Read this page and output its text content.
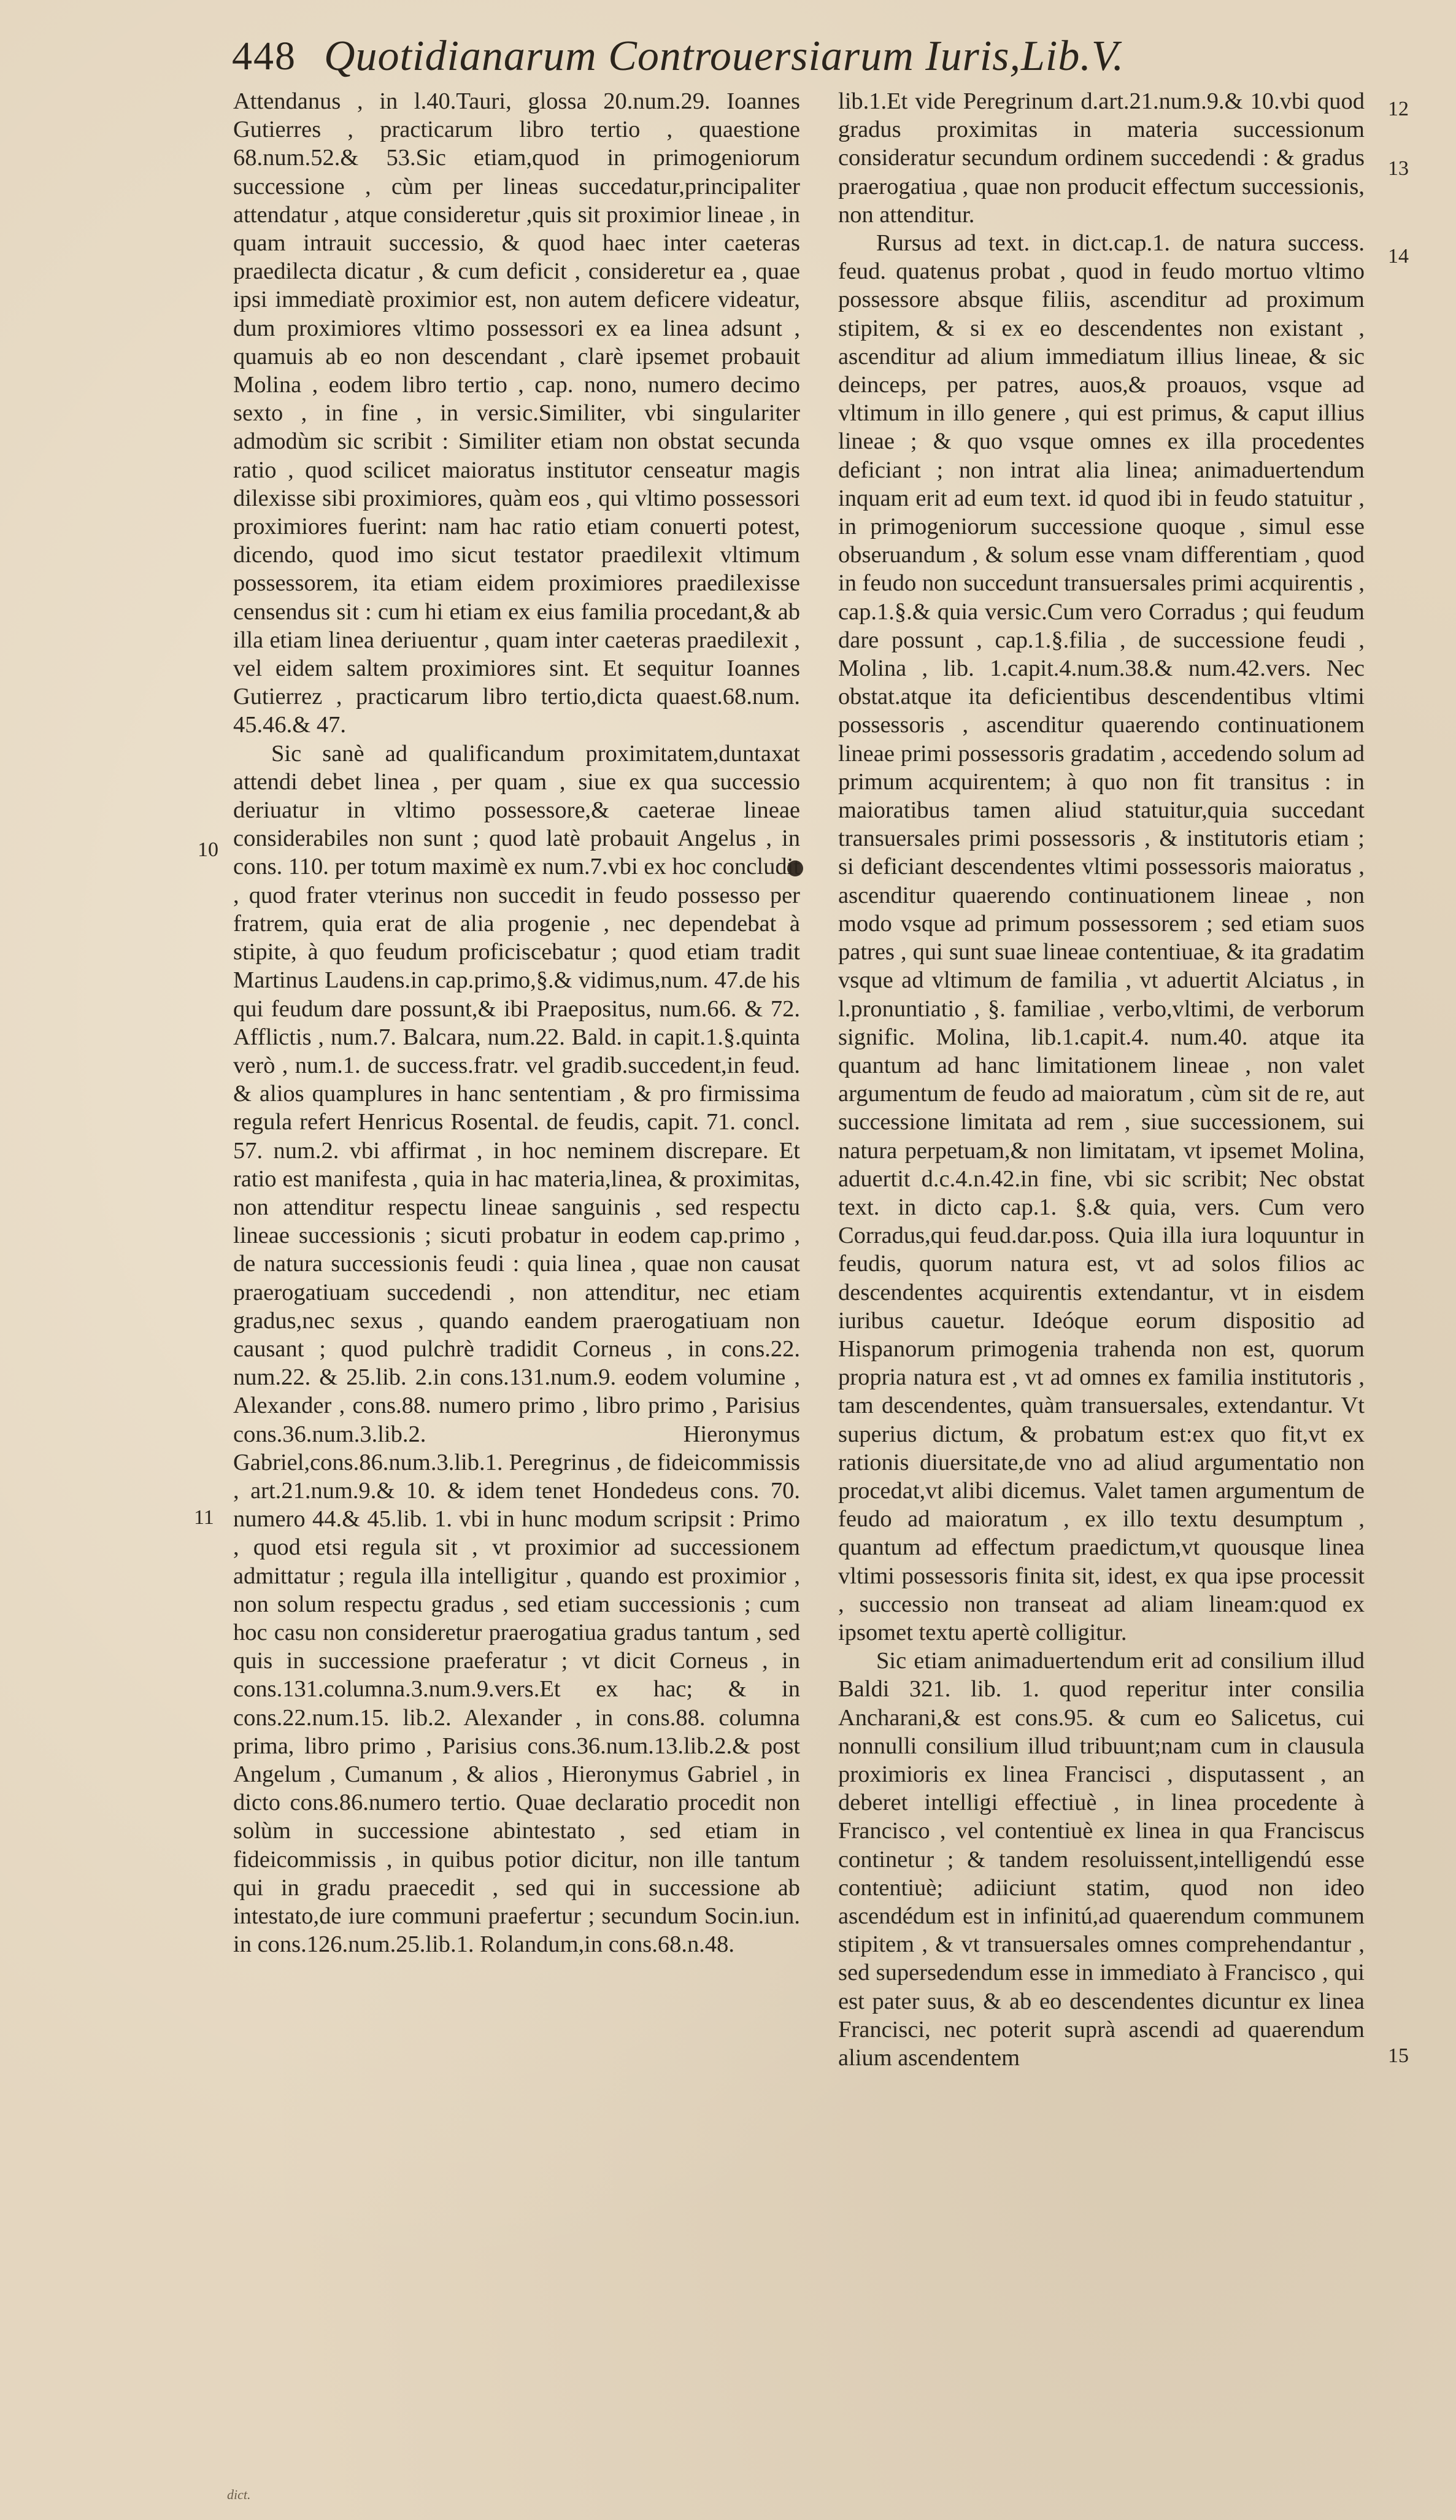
448 Quotidianarum Controuersiarum Iuris,Lib.V.
12
13
14
10
11
15

Attendanus , in l.40.Tauri, glossa 20.num.29. Ioannes Gutierres , practicarum libro tertio , quaestione 68.num.52.& 53.Sic etiam,quod in primogeniorum successione , cùm per lineas succedatur,principaliter attendatur , atque consideretur ,quis sit proximior lineae , in quam intrauit successio, & quod haec inter caeteras praedilecta dicatur , & cum deficit , consideretur ea , quae ipsi immediatè proximior est, non autem deficere videatur, dum proximiores vltimo possessori ex ea linea adsunt , quamuis ab eo non descendant , clarè ipsemet probauit Molina , eodem libro tertio , cap. nono, numero decimo sexto , in fine , in versic.Similiter, vbi singulariter admodùm sic scribit : Similiter etiam non obstat secunda ratio , quod scilicet maioratus institutor censeatur magis dilexisse sibi proximiores, quàm eos , qui vltimo possessori proximiores fuerint: nam hac ratio etiam conuerti potest, dicendo, quod imo sicut testator praedilexit vltimum possessorem, ita etiam eidem proximiores praedilexisse censendus sit : cum hi etiam ex eius familia procedant,& ab illa etiam linea deriuentur , quam inter caeteras praedilexit , vel eidem saltem proximiores sint. Et sequitur Ioannes Gutierrez , practicarum libro tertio,dicta quaest.68.num. 45.46.& 47.

Sic sanè ad qualificandum proximitatem,duntaxat attendi debet linea , per quam , siue ex qua successio deriuatur in vltimo possessore,& caeterae lineae considerabiles non sunt ; quod latè probauit Angelus , in cons. 110. per totum maximè ex num.7.vbi ex hoc concludit , quod frater vterinus non succedit in feudo possesso per fratrem, quia erat de alia progenie , nec dependebat à stipite, à quo feudum proficiscebatur ; quod etiam tradit Martinus Laudens.in cap.primo,§.& vidimus,num. 47.de his qui feudum dare possunt,& ibi Praepositus, num.66. & 72. Afflictis , num.7. Balcara, num.22. Bald. in capit.1.§.quinta verò , num.1. de success.fratr. vel gradib.succedent,in feud. & alios quamplures in hanc sententiam , & pro firmissima regula refert Henricus Rosental. de feudis, capit. 71. concl. 57. num.2. vbi affirmat , in hoc neminem discrepare. Et ratio est manifesta , quia in hac materia,linea, & proximitas, non attenditur respectu lineae sanguinis , sed respectu lineae successionis ; sicuti probatur in eodem cap.primo , de natura successionis feudi : quia linea , quae non causat praerogatiuam succedendi , non attenditur, nec etiam gradus,nec sexus , quando eandem praerogatiuam non causant ; quod pulchrè tradidit Corneus , in cons.22. num.22. & 25.lib. 2.in cons.131.num.9. eodem volumine , Alexander , cons.88. numero primo , libro primo , Parisius cons.36.num.3.lib.2. Hieronymus Gabriel,cons.86.num.3.lib.1. Peregrinus , de fideicommissis , art.21.num.9.& 10. & idem tenet Hondedeus cons. 70. numero 44.& 45.lib. 1. vbi in hunc modum scripsit : Primo , quod etsi regula sit , vt proximior ad successionem admittatur ; regula illa intelligitur , quando est proximior , non solum respectu gradus , sed etiam successionis ; cum hoc casu non consideretur praerogatiua gradus tantum , sed quis in successione praeferatur ; vt dicit Corneus , in cons.131.columna.3.num.9.vers.Et ex hac; & in cons.22.num.15. lib.2. Alexander , in cons.88. columna prima, libro primo , Parisius cons.36.num.13.lib.2.& post Angelum , Cumanum , & alios , Hieronymus Gabriel , in dicto cons.86.numero tertio. Quae declaratio procedit non solùm in successione abintestato , sed etiam in fideicommissis , in quibus potior dicitur, non ille tantum qui in gradu praecedit , sed qui in successione ab intestato,de iure communi praefertur ; secundum Socin.iun. in cons.126.num.25.lib.1. Rolandum,in cons.68.n.48.

lib.1.Et vide Peregrinum d.art.21.num.9.& 10.vbi quod gradus proximitas in materia successionum consideratur secundum ordinem succedendi : & gradus praerogatiua , quae non producit effectum successionis, non attenditur.

Rursus ad text. in dict.cap.1. de natura success. feud. quatenus probat , quod in feudo mortuo vltimo possessore absque filiis, ascenditur ad proximum stipitem, & si ex eo descendentes non existant , ascenditur ad alium immediatum illius lineae, & sic deinceps, per patres, auos,& proauos, vsque ad vltimum in illo genere , qui est primus, & caput illius lineae ; & quo vsque omnes ex illa procedentes deficiant ; non intrat alia linea; animaduertendum inquam erit ad eum text. id quod ibi in feudo statuitur , in primogeniorum successione quoque , simul esse obseruandum , & solum esse vnam differentiam , quod in feudo non succedunt transuersales primi acquirentis , cap.1.§.& quia versic.Cum vero Corradus ; qui feudum dare possunt , cap.1.§.filia , de successione feudi , Molina , lib. 1.capit.4.num.38.& num.42.vers. Nec obstat.atque ita deficientibus descendentibus vltimi possessoris , ascenditur quaerendo continuationem lineae primi possessoris gradatim , accedendo solum ad primum acquirentem; à quo non fit transitus : in maioratibus tamen aliud statuitur,quia succedant transuersales primi possessoris , & institutoris etiam ; si deficiant descendentes vltimi possessoris maioratus , ascenditur quaerendo continuationem lineae , non modo vsque ad primum possessorem ; sed etiam suos patres , qui sunt suae lineae contentiuae, & ita gradatim vsque ad vltimum de familia , vt aduertit Alciatus , in l.pronuntiatio , §. familiae , verbo,vltimi, de verborum signific. Molina, lib.1.capit.4. num.40. atque ita quantum ad hanc limitationem lineae , non valet argumentum de feudo ad maioratum , cùm sit de re, aut successione limitata ad rem , siue successionem, sui natura perpetuam,& non limitatam, vt ipsemet Molina, aduertit d.c.4.n.42.in fine, vbi sic scribit; Nec obstat text. in dicto cap.1. §.& quia, vers. Cum vero Corradus,qui feud.dar.poss. Quia illa iura loquuntur in feudis, quorum natura est, vt ad solos filios ac descendentes acquirentis extendantur, vt in eisdem iuribus cauetur. Ideóque eorum dispositio ad Hispanorum primogenia trahenda non est, quorum propria natura est , vt ad omnes ex familia institutoris , tam descendentes, quàm transuersales, extendantur. Vt superius dictum, & probatum est:ex quo fit,vt ex rationis diuersitate,de vno ad aliud argumentatio non procedat,vt alibi dicemus. Valet tamen argumentum de feudo ad maioratum , ex illo textu desumptum , quantum ad effectum praedictum,vt quousque linea vltimi possessoris finita sit, idest, ex qua ipse processit , successio non transeat ad aliam lineam:quod ex ipsomet textu apertè colligitur.

Sic etiam animaduertendum erit ad consilium illud Baldi 321. lib. 1. quod reperitur inter consilia Ancharani,& est cons.95. & cum eo Salicetus, cui nonnulli consilium illud tribuunt;nam cum in clausula proximioris ex linea Francisci , disputassent , an deberet intelligi effectiuè , in linea procedente à Francisco , vel contentiuè ex linea in qua Franciscus continetur ; & tandem resoluissent,intelligendú esse contentiuè; adiiciunt statim, quod non ideo ascendédum est in infinitú,ad quaerendum communem stipitem , & vt transuersales omnes comprehendantur , sed supersedendum esse in immediato à Francisco , qui est pater suus, & ab eo descendentes dicuntur ex linea Francisci, nec poterit suprà ascendi ad quaerendum alium ascendentem

dict.
